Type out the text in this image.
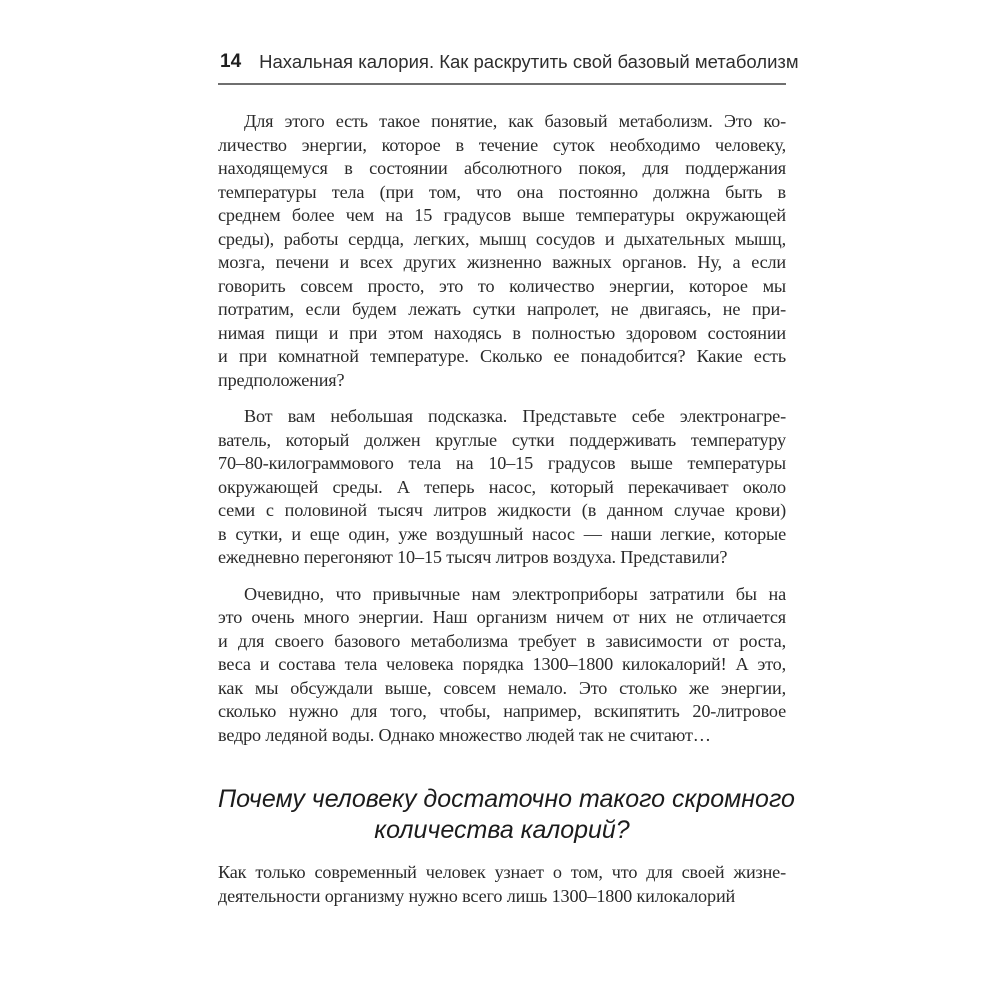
14 Нахальная калория. Как раскрутить свой базовый метаболизм
Для этого есть такое понятие, как базовый метаболизм. Это ко-
личество энергии, которое в течение суток необходимо человеку,
находящемуся в состоянии абсолютного покоя, для поддержания
температуры тела (при том, что она постоянно должна быть в
среднем более чем на 15 градусов выше температуры окружающей
среды), работы сердца, легких, мышц сосудов и дыхательных мышц,
мозга, печени и всех других жизненно важных органов. Ну, а если
говорить совсем просто, это то количество энергии, которое мы
потратим, если будем лежать сутки напролет, не двигаясь, не при-
нимая пищи и при этом находясь в полностью здоровом состоянии
и при комнатной температуре. Сколько ее понадобится? Какие есть
предположения?
Вот вам небольшая подсказка. Представьте себе электронагре-
ватель, который должен круглые сутки поддерживать температуру
70–80-килограммового тела на 10–15 градусов выше температуры
окружающей среды. А теперь насос, который перекачивает около
семи с половиной тысяч литров жидкости (в данном случае крови)
в сутки, и еще один, уже воздушный насос — наши легкие, которые
ежедневно перегоняют 10–15 тысяч литров воздуха. Представили?
Очевидно, что привычные нам электроприборы затратили бы на
это очень много энергии. Наш организм ничем от них не отличается
и для своего базового метаболизма требует в зависимости от роста,
веса и состава тела человека порядка 1300–1800 килокалорий! А это,
как мы обсуждали выше, совсем немало. Это столько же энергии,
сколько нужно для того, чтобы, например, вскипятить 20-литровое
ведро ледяной воды. Однако множество людей так не считают…
Почему человеку достаточно такого скромного
количества калорий?
Как только современный человек узнает о том, что для своей жизне-
деятельности организму нужно всего лишь 1300–1800 килокалорий
